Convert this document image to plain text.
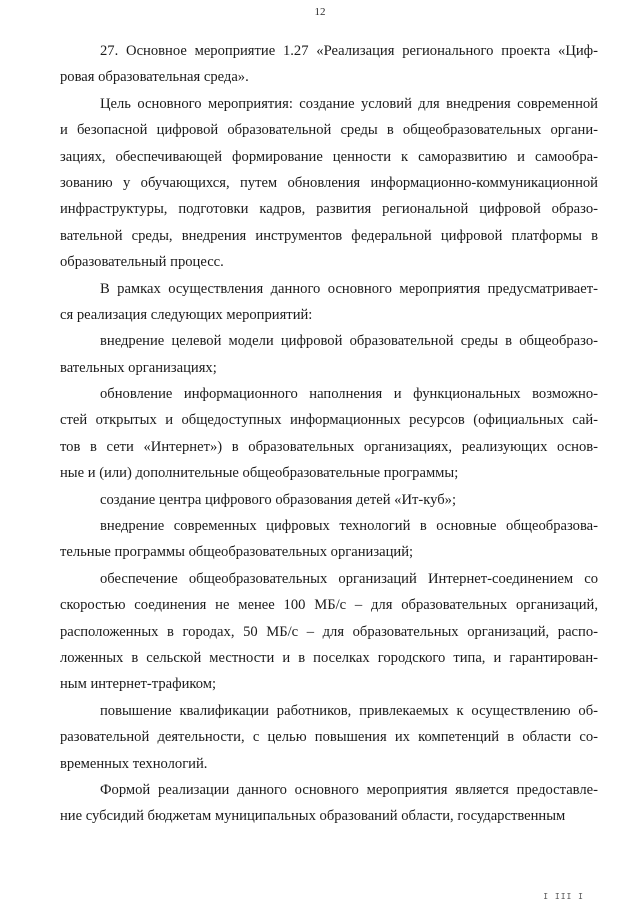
12
27. Основное мероприятие 1.27 «Реализация регионального проекта «Циф-
ровая образовательная среда».
Цель основного мероприятия: создание условий для внедрения современной
и безопасной цифровой образовательной среды в общеобразовательных органи-
зациях, обеспечивающей формирование ценности к саморазвитию и самообра-
зованию у обучающихся, путем обновления информационно-коммуникационной
инфраструктуры, подготовки кадров, развития региональной цифровой образо-
вательной среды, внедрения инструментов федеральной цифровой платформы в
образовательный процесс.
В рамках осуществления данного основного мероприятия предусматривает-
ся реализация следующих мероприятий:
внедрение целевой модели цифровой образовательной среды в общеобразо-
вательных организациях;
обновление информационного наполнения и функциональных возможно-
стей открытых и общедоступных информационных ресурсов (официальных сай-
тов в сети «Интернет») в образовательных организациях, реализующих основ-
ные и (или) дополнительные общеобразовательные программы;
создание центра цифрового образования детей «Ит-куб»;
внедрение современных цифровых технологий в основные общеобразова-
тельные программы общеобразовательных организаций;
обеспечение общеобразовательных организаций Интернет-соединением со
скоростью соединения не менее 100 МБ/с – для образовательных организаций,
расположенных в городах, 50 МБ/с – для образовательных организаций, распо-
ложенных в сельской местности и в поселках городского типа, и гарантирован-
ным интернет-трафиком;
повышение квалификации работников, привлекаемых к осуществлению об-
разовательной деятельности, с целью повышения их компетенций в области со-
временных технологий.
Формой реализации данного основного мероприятия является предоставле-
ние субсидий бюджетам муниципальных образований области, государственным
I III I
